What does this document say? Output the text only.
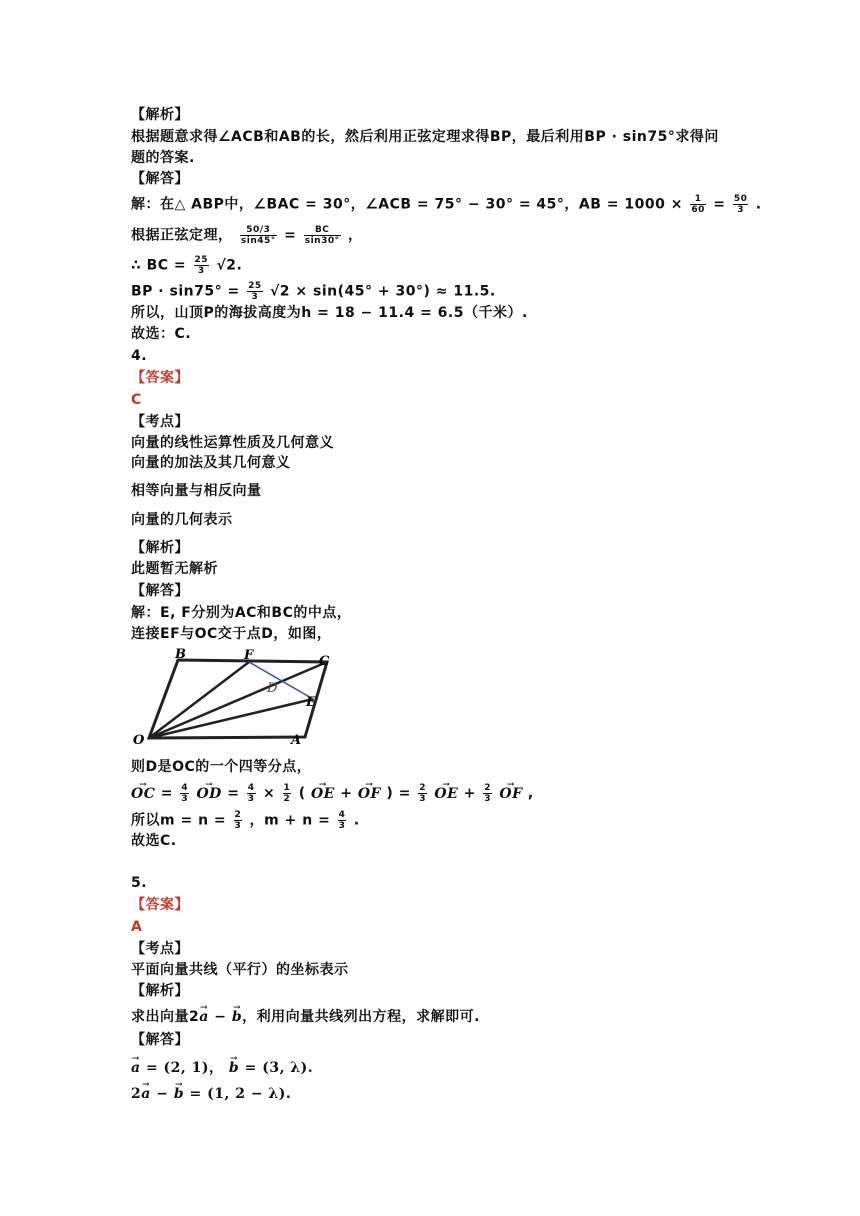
【解析】
根据题意求得∠ACB和AB的长，然后利用正弦定理求得BP，最后利用BP · sin75°求得问
题的答案.
【解答】
解：在△ ABP中，∠BAC = 30°，∠ACB = 75° − 30° = 45°，AB = $1000 \times \frac{1}{60} = \frac{50}{3}$ .
根据正弦定理， $\frac{50/3}{\sin 45^\circ} = \frac{BC}{\sin 30^\circ}$ ，
∴ BC = $\frac{25}{3} √2$.
BP · $\sin 75^\circ = \frac{25}{3} √2 \times \sin(45^\circ + 30^\circ) \approx 11.5$.
所以，山顶P的海拔高度为h = 18 − 11.4 = 6.5（千米）.
故选：C.
4.
【答案】
C
【考点】
向量的线性运算性质及几何意义
向量的加法及其几何意义
相等向量与相反向量
向量的几何表示
【解析】
此题暂无解析
【解答】
解：E, F分别为AC和BC的中点，
连接EF与OC交于点D，如图，
B	F	C
D
E
O	A
则D是OC的一个四等分点，
→ OC = $\frac{4}{3}$ → OD = $\frac{4}{3} \times \frac{1}{2}$ ( → OE + → OF ) = $\frac{2}{3}$ → OE + $\frac{2}{3}$ → OF ,
所以$m = n = \frac{2}{3}$ ，$m + n = \frac{4}{3}$ .
故选C.
5.
【答案】
A
【考点】
平面向量共线（平行）的坐标表示
【解析】
求出向量2→ a − → b，利用向量共线列出方程，求解即可.
【解答】
→ a = (2, 1)， → b = (3, λ).
2→ a − → b = (1, 2 − λ).
